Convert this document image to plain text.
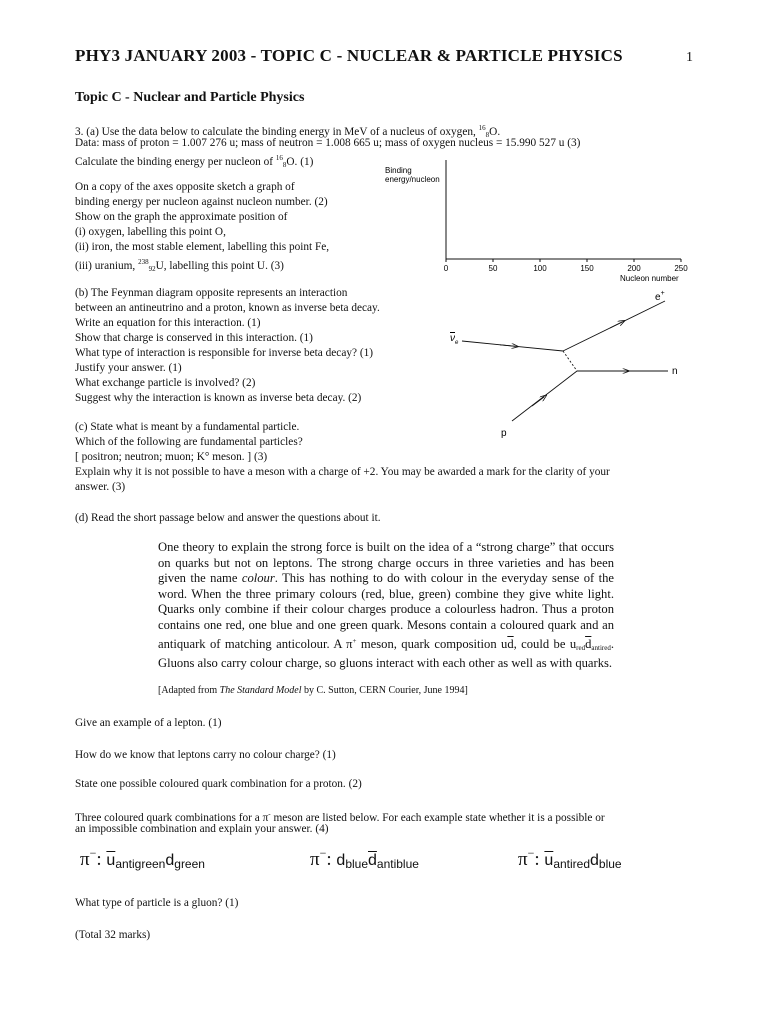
PHY3 JANUARY 2003 - TOPIC C - NUCLEAR & PARTICLE PHYSICS	1
Topic C - Nuclear and Particle Physics
3. (a) Use the data below to calculate the binding energy in MeV of a nucleus of oxygen, $^{16}$8O.
Data: mass of proton = 1.007 276 u; mass of neutron = 1.008 665 u; mass of oxygen nucleus = 15.990 527 u (3)
Calculate the binding energy per nucleon of $^{16}$8O. (1)
On a copy of the axes opposite sketch a graph of
binding energy per nucleon against nucleon number. (2)
Show on the graph the approximate position of
(i) oxygen, labelling this point O,
(ii) iron, the most stable element, labelling this point Fe,
(iii) uranium, $^{238}$92U, labelling this point U. (3)
Binding
energy/nucleon
0	50	100	150	200	250
Nucleon number
(b) The Feynman diagram opposite represents an interaction
between an antineutrino and a proton, known as inverse beta decay.
Write an equation for this interaction. (1)
Show that charge is conserved in this interaction. (1)
What type of interaction is responsible for inverse beta decay? (1)
Justify your answer. (1)
What exchange particle is involved? (2)
Suggest why the interaction is known as inverse beta decay. (2)
e+
$\nu_e$
n
p
(c) State what is meant by a fundamental particle.
Which of the following are fundamental particles?
[ positron; neutron; muon; K° meson. ] (3)
Explain why it is not possible to have a meson with a charge of +2. You may be awarded a mark for the clarity of your
answer. (3)
(d) Read the short passage below and answer the questions about it.
One theory to explain the strong force is built on the idea of a “strong charge” that occurs on quarks but not on leptons. The strong charge occurs in three varieties and has been given the name colour. This has nothing to do with colour in the everyday sense of the word. When the three primary colours (red, blue, green) combine they give white light. Quarks only combine if their colour charges produce a colourless hadron. Thus a proton contains one red, one blue and one green quark. Mesons contain a coloured quark and an antiquark of matching anticolour. A π+ meson, quark composition $u\overline{d}$, could be $ured\overline{d}antired$. Gluons also carry colour charge, so gluons interact with each other as well as with quarks.
[Adapted from The Standard Model by C. Sutton, CERN Courier, June 1994]
Give an example of a lepton. (1)
How do we know that leptons carry no colour charge? (1)
State one possible coloured quark combination for a proton. (2)
Three coloured quark combinations for a π- meson are listed below. For each example state whether it is a possible or
an impossible combination and explain your answer. (4)
π−: $\overline{u}antigreendgreen$	π−: $dblue\overline{d}antiblue$	π−: $\overline{u}antireddblue$
What type of particle is a gluon? (1)
(Total 32 marks)
